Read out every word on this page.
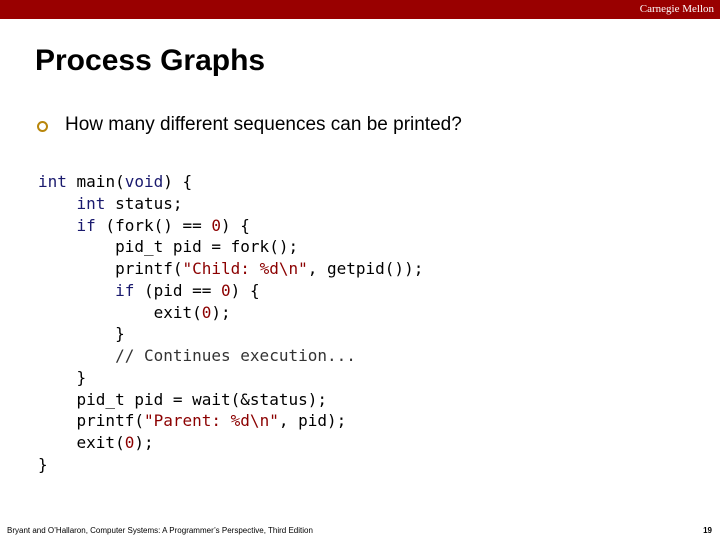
Carnegie Mellon
Process Graphs
How many different sequences can be printed?
int main(void) {
int status;
if (fork() == 0) {
pid_t pid = fork();
printf("Child: %d\n", getpid());
if (pid == 0) {
exit(0);
}
// Continues execution...
}
pid_t pid = wait(&status);
printf("Parent: %d\n", pid);
exit(0);
}
Bryant and O’Hallaron, Computer Systems: A Programmer’s Perspective, Third Edition	19
